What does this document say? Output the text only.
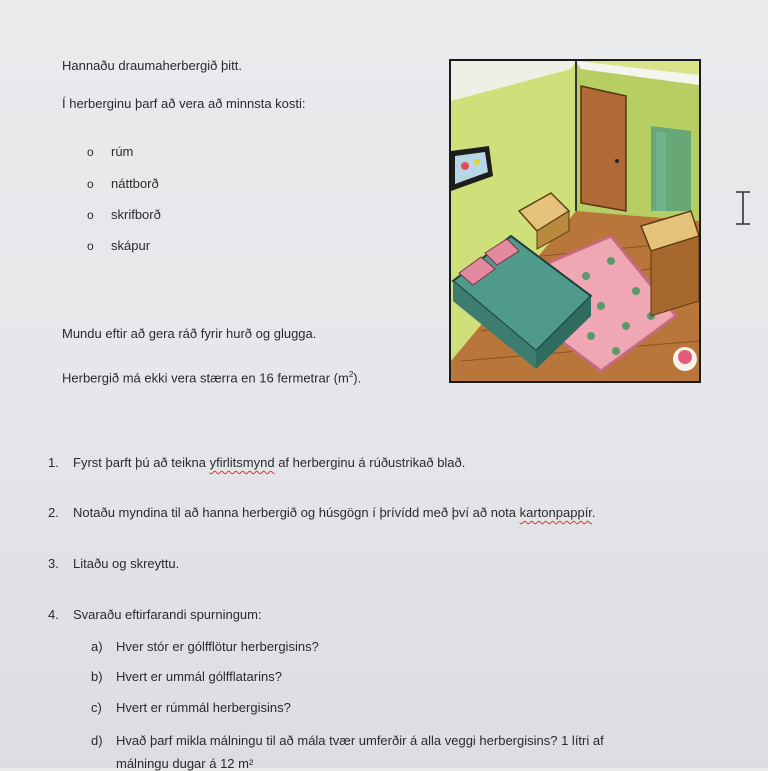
Hannaðu draumaherbergið þitt.
Í herberginu þarf að vera að minnsta kosti:
o rúm
o náttborð
o skrifborð
o skápur
Mundu eftir að gera ráð fyrir hurð og glugga.
Herbergið má ekki vera stærra en 16 fermetrar $(m^2)$.
1. Fyrst þarft þú að teikna yfirlitsmynd af herberginu á rúðustrikað blað.
2. Notaðu myndina til að hanna herbergið og húsgögn í þrívídd með því að nota kartonpappír.
3. Litaðu og skreyttu.
4. Svaraðu eftirfarandi spurningum:
a) Hver stór er gólfflötur herbergisins?
b) Hvert er ummál gólfflatarins?
c) Hvert er rúmmál herbergisins?
d) Hvað þarf mikla málningu til að mála tvær umferðir á alla veggi herbergisins? 1 lítri af
málningu dugar á 12 m²
